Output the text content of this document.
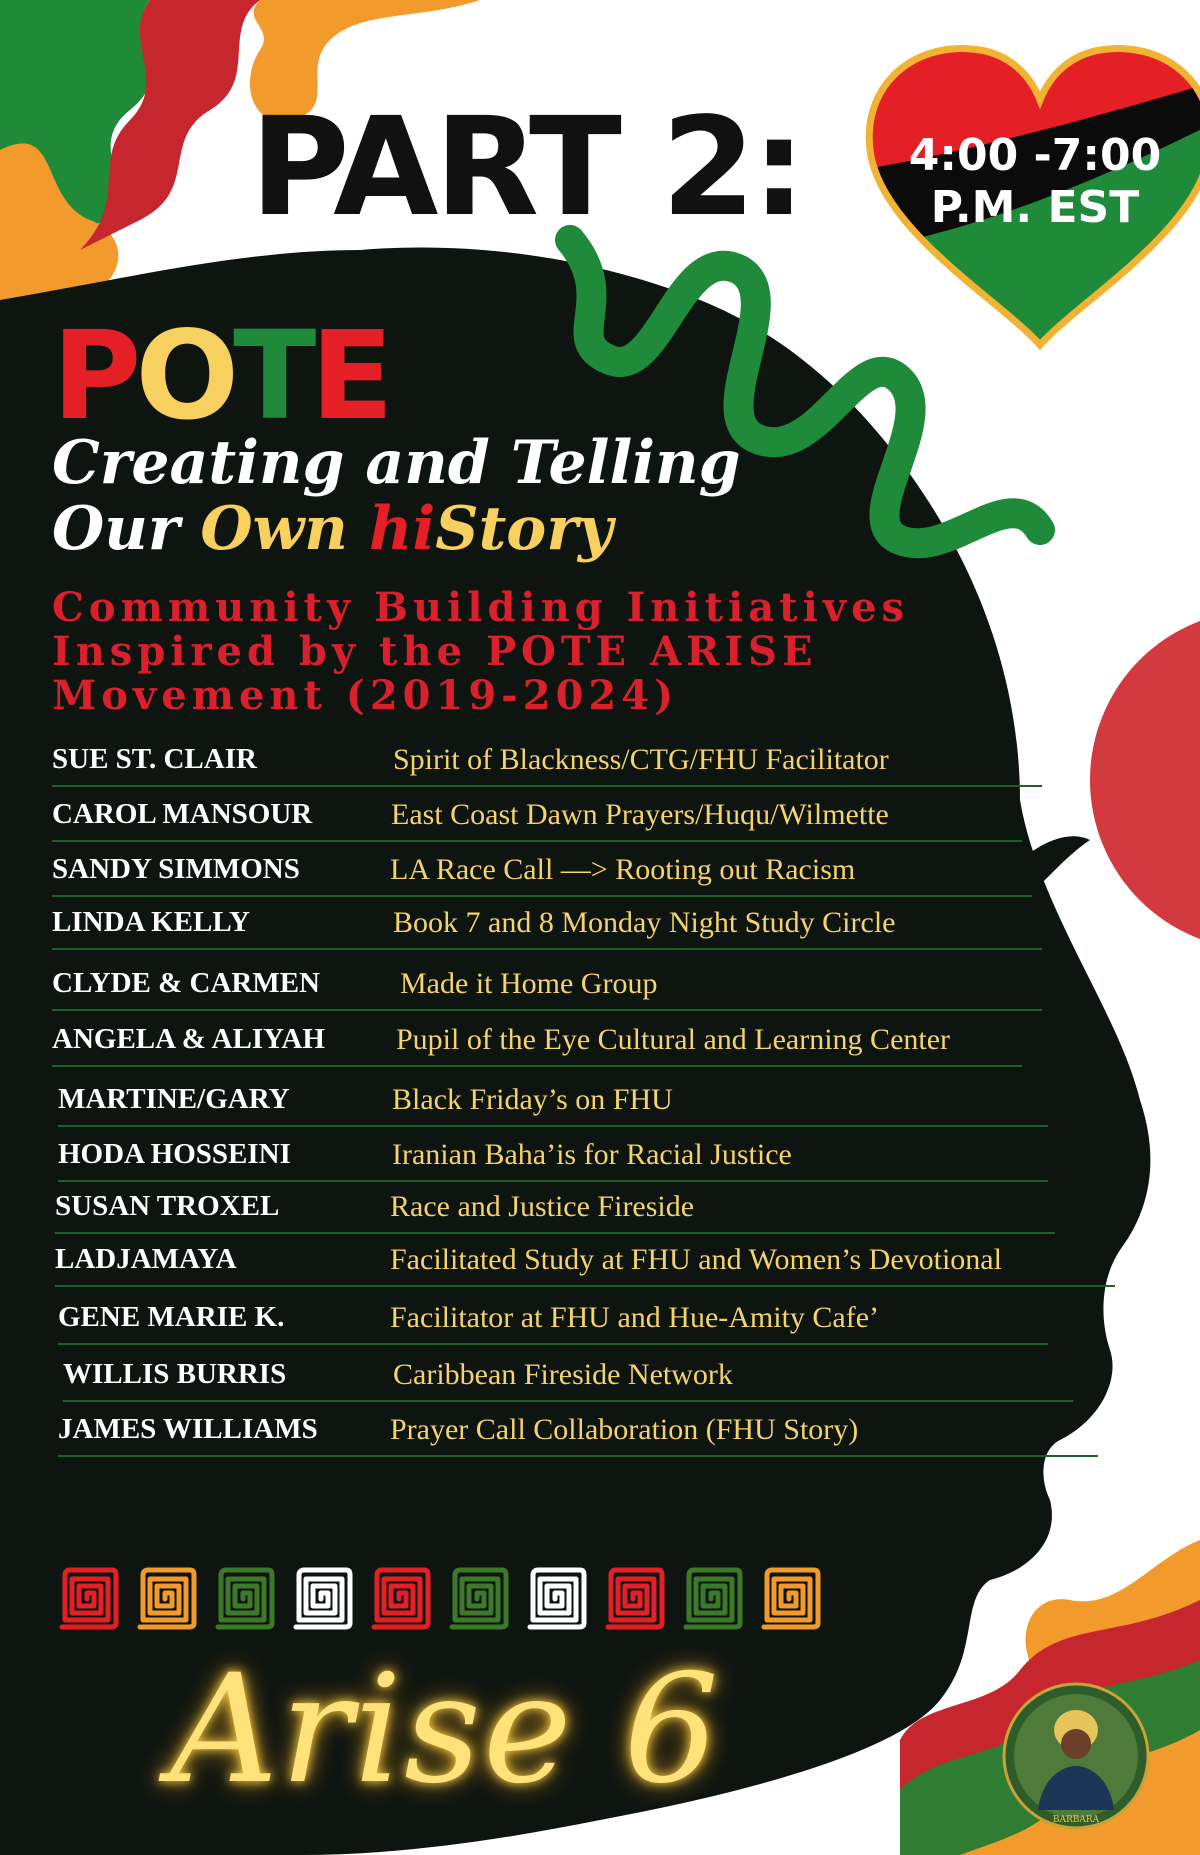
PART 2:	4:00 -7:00
P.M. EST
POTE
Creating and Telling
Our Own hiStory
Community Building Initiatives
Inspired by the POTE ARISE
Movement (2019-2024)
SUE ST. CLAIR	Spirit of Blackness/CTG/FHU Facilitator
CAROL MANSOUR	East Coast Dawn Prayers/Huqu/Wilmette
SANDY SIMMONS	LA Race Call —> Rooting out Racism
LINDA KELLY	Book 7 and 8 Monday Night Study Circle
CLYDE & CARMEN	Made it Home Group
ANGELA & ALIYAH Pupil of the Eye Cultural and Learning Center
MARTINE/GARY	Black Friday’s on FHU
HODA HOSSEINI	Iranian Baha’is for Racial Justice
SUSAN TROXEL	Race and Justice Fireside
LADJAMAYA	Facilitated Study at FHU and Women’s Devotional
GENE MARIE K.	Facilitator at FHU and Hue-Amity Cafe’
WILLIS BURRIS	Caribbean Fireside Network
JAMES WILLIAMS Prayer Call Collaboration (FHU Story)
Arise 6
BARBARA
